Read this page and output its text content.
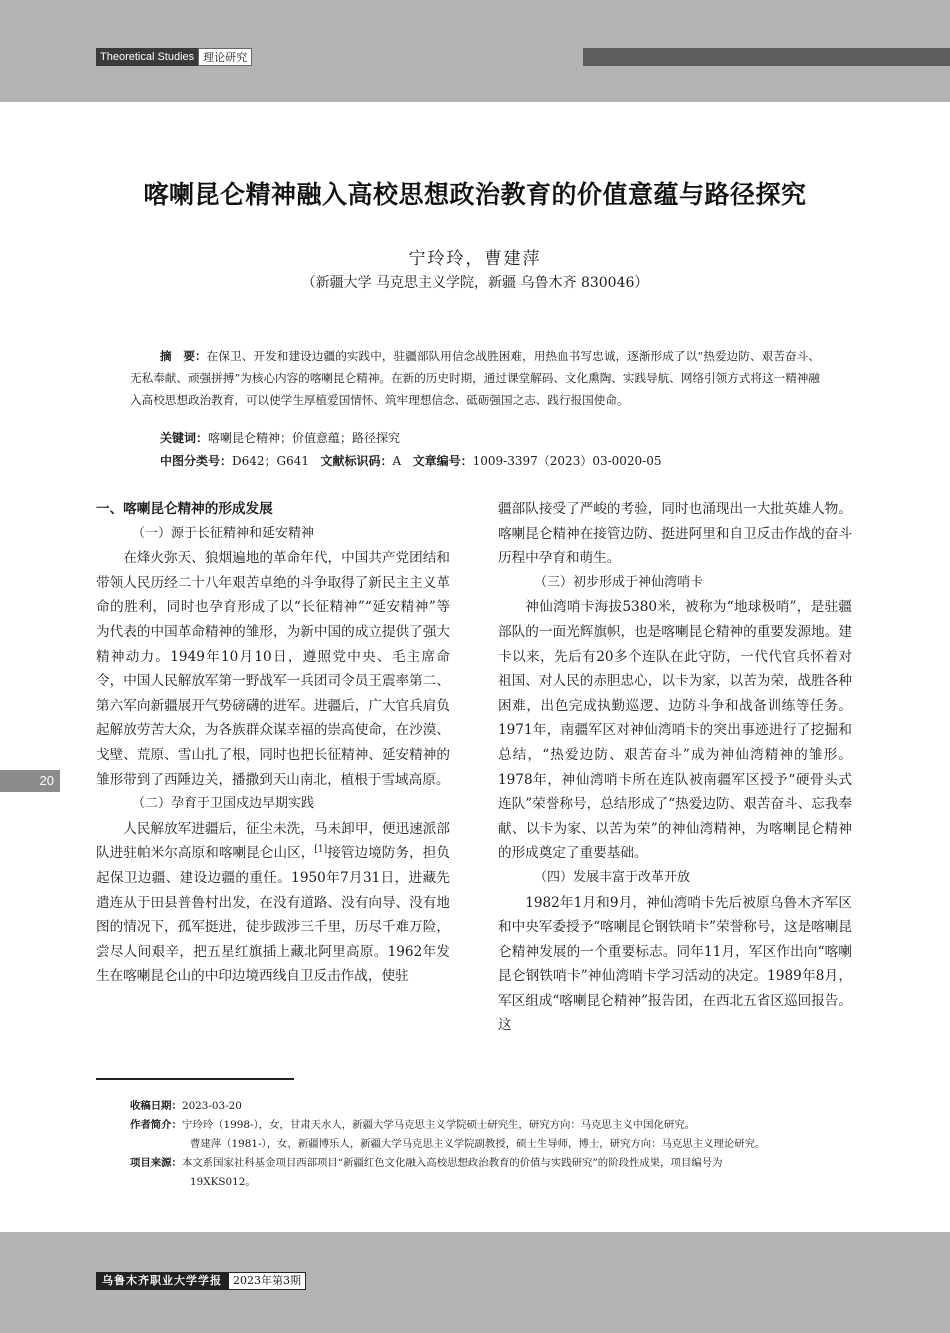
Theoretical Studies 理论研究
喀喇昆仑精神融入高校思想政治教育的价值意蕴与路径探究
宁玲玲，曹建萍
（新疆大学 马克思主义学院，新疆 乌鲁木齐 830046）
摘　要：在保卫、开发和建设边疆的实践中，驻疆部队用信念战胜困难，用热血书写忠诚，逐渐形成了以“热爱边防、艰苦奋斗、无私奉献、顽强拼搏”为核心内容的喀喇昆仑精神。在新的历史时期，通过课堂解码、文化熏陶、实践导航、网络引领方式将这一精神融入高校思想政治教育，可以使学生厚植爱国情怀、筑牢理想信念、砥砺强国之志、践行报国使命。
关键词：喀喇昆仑精神；价值意蕴；路径探究
中图分类号：D642；G641 文献标识码：A 文章编号：1009-3397（2023）03-0020-05
一、喀喇昆仑精神的形成发展
（一）源于长征精神和延安精神

在烽火弥天、狼烟遍地的革命年代，中国共产党团结和带领人民历经二十八年艰苦卓绝的斗争取得了新民主主义革命的胜利，同时也孕育形成了以“长征精神”“延安精神”等为代表的中国革命精神的雏形，为新中国的成立提供了强大精神动力。1949年10月10日，遵照党中央、毛主席命令，中国人民解放军第一野战军一兵团司令员王震率第二、第六军向新疆展开气势磅礴的进军。进疆后，广大官兵肩负起解放劳苦大众，为各族群众谋幸福的崇高使命，在沙漠、戈壁、荒原、雪山扎了根，同时也把长征精神、延安精神的雏形带到了西陲边关，播撒到天山南北，植根于雪域高原。

（二）孕育于卫国戍边早期实践

人民解放军进疆后，征尘未洗，马未卸甲，便迅速派部队进驻帕米尔高原和喀喇昆仑山区，[1]接管边境防务，担负起保卫边疆、建设边疆的重任。1950年7月31日，进藏先遣连从于田县普鲁村出发，在没有道路、没有向导、没有地图的情况下，孤军挺进，徒步跋涉三千里，历尽千难万险，尝尽人间艰辛，把五星红旗插上藏北阿里高原。1962年发生在喀喇昆仑山的中印边境西线自卫反击作战，使驻

疆部队接受了严峻的考验，同时也涌现出一大批英雄人物。喀喇昆仑精神在接管边防、挺进阿里和自卫反击作战的奋斗历程中孕育和萌生。

（三）初步形成于神仙湾哨卡

神仙湾哨卡海拔5380米，被称为“地球极哨”，是驻疆部队的一面光辉旗帜，也是喀喇昆仑精神的重要发源地。建卡以来，先后有20多个连队在此守防，一代代官兵怀着对祖国、对人民的赤胆忠心，以卡为家，以苦为荣，战胜各种困难，出色完成执勤巡逻、边防斗争和战备训练等任务。1971年，南疆军区对神仙湾哨卡的突出事迹进行了挖掘和总结，“热爱边防、艰苦奋斗”成为神仙湾精神的雏形。1978年，神仙湾哨卡所在连队被南疆军区授予“硬骨头式连队”荣誉称号，总结形成了“热爱边防、艰苦奋斗、忘我奉献、以卡为家、以苦为荣”的神仙湾精神，为喀喇昆仑精神的形成奠定了重要基础。

（四）发展丰富于改革开放

1982年1月和9月，神仙湾哨卡先后被原乌鲁木齐军区和中央军委授予“喀喇昆仑钢铁哨卡”荣誉称号，这是喀喇昆仑精神发展的一个重要标志。同年11月，军区作出向“喀喇昆仑钢铁哨卡”神仙湾哨卡学习活动的决定。1989年8月，军区组成“喀喇昆仑精神”报告团，在西北五省区巡回报告。这

20
收稿日期：2023-03-20
作者简介：宁玲玲（1998-），女，甘肃天水人，新疆大学马克思主义学院硕士研究生，研究方向：马克思主义中国化研究。
曹建萍（1981-），女，新疆博乐人，新疆大学马克思主义学院副教授，硕士生导师，博士，研究方向：马克思主义理论研究。
项目来源：本文系国家社科基金项目西部项目“新疆红色文化融入高校思想政治教育的价值与实践研究”的阶段性成果，项目编号为
19XKS012。
乌鲁木齐职业大学学报	2023年第3期
